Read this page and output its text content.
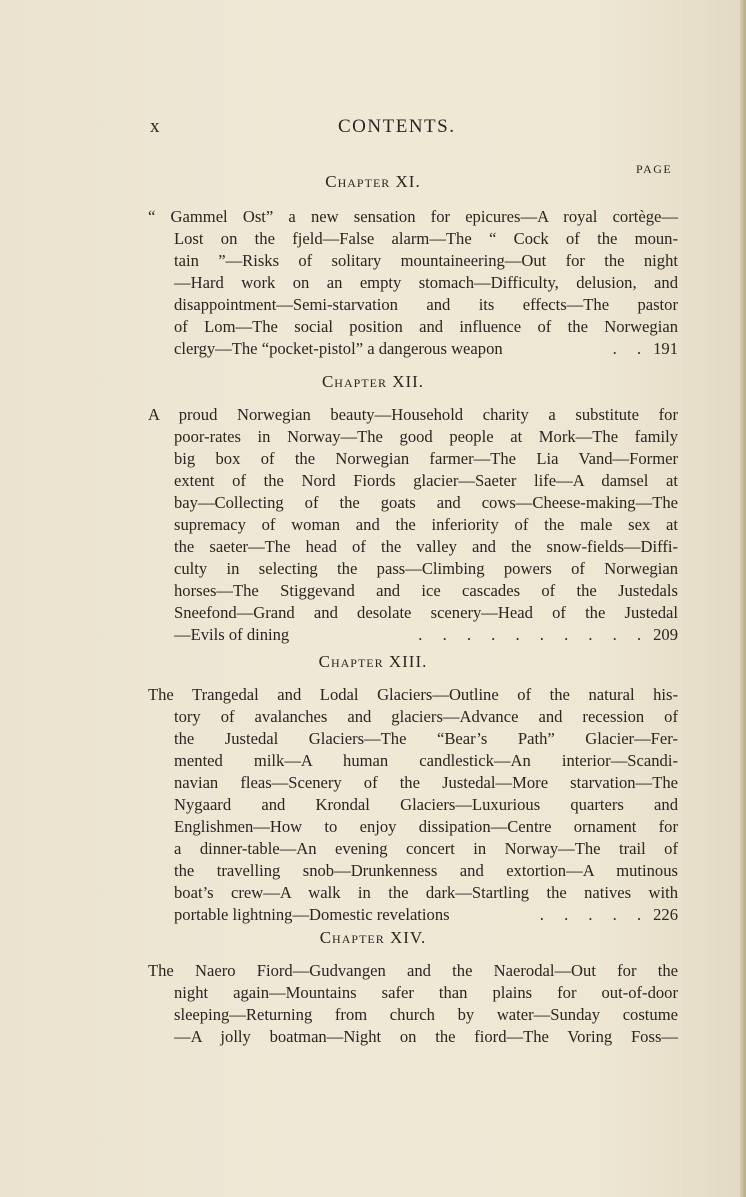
x	CONTENTS.
PAGE
Chapter XI.
“ Gammel Ost” a new sensation for epicures—A royal cortège—
Lost on the fjeld—False alarm—The “ Cock of the moun-
tain ”—Risks of solitary mountaineering—Out for the night
—Hard work on an empty stomach—Difficulty, delusion, and
disappointment—Semi-starvation and its effects—The pastor
of Lom—The social position and influence of the Norwegian
clergy—The “pocket-pistol” a dangerous weapon	. . 191
Chapter XII.
A proud Norwegian beauty—Household charity a substitute for
poor-rates in Norway—The good people at Mork—The family
big box of the Norwegian farmer—The Lia Vand—Former
extent of the Nord Fiords glacier—Saeter life—A damsel at
bay—Collecting of the goats and cows—Cheese-making—The
supremacy of woman and the inferiority of the male sex at
the saeter—The head of the valley and the snow-fields—Diffi-
culty in selecting the pass—Climbing powers of Norwegian
horses—The Stiggevand and ice cascades of the Justedals
Sneefond—Grand and desolate scenery—Head of the Justedal
—Evils of dining	. . . . . . . . . . 209
Chapter XIII.
The Trangedal and Lodal Glaciers—Outline of the natural his-
tory of avalanches and glaciers—Advance and recession of
the Justedal Glaciers—The “Bear’s Path” Glacier—Fer-
mented milk—A human candlestick—An interior—Scandi-
navian fleas—Scenery of the Justedal—More starvation—The
Nygaard and Krondal Glaciers—Luxurious quarters and
Englishmen—How to enjoy dissipation—Centre ornament for
a dinner-table—An evening concert in Norway—The trail of
the travelling snob—Drunkenness and extortion—A mutinous
boat’s crew—A walk in the dark—Startling the natives with
portable lightning—Domestic revelations	. . . . . 226
Chapter XIV.
The Naero Fiord—Gudvangen and the Naerodal—Out for the
night again—Mountains safer than plains for out-of-door
sleeping—Returning from church by water—Sunday costume
—A jolly boatman—Night on the fiord—The Voring Foss—
